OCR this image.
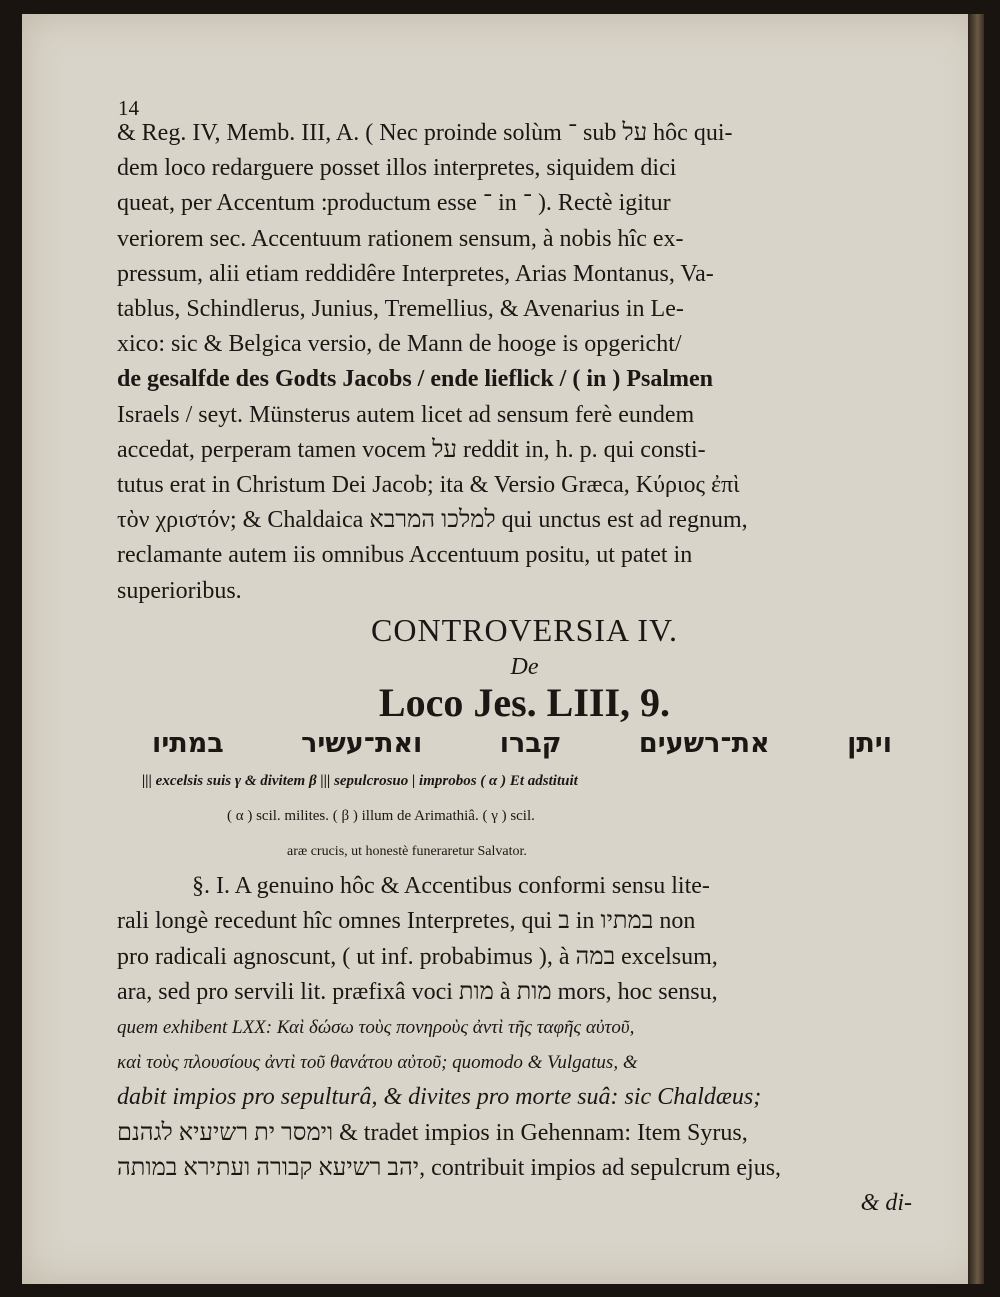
14
& Reg. IV, Memb. III, A. ( Nec proinde solùm ־ sub על hôc qui-
dem loco redarguere posset illos interpretes, siquidem dici
queat, per Accentum productum esse ־ in ־ ). Rectè igitur
veriorem sec. Accentuum rationem sensum, à nobis hîc ex-
pressum, alii etiam reddidêre Interpretes, Arias Montanus, Va-
tablus, Schindlerus, Junius, Tremellius, & Avenarius in Le-
xico: sic & Belgica versio, de Mann de hooge is opgericht/
de gesalfde des Godts Jacobs / ende lieflick / ( in ) Psalmen
Israels / seyt. Münsterus autem licet ad sensum ferè eundem
accedat, perperam tamen vocem על reddit in, h. p. qui consti-
tutus erat in Christum Dei Jacob; ita & Versio Græca, Κύριος ἐπὶ
τὸν χριστόν; & Chaldaica למלכו המרבא qui unctus est ad regnum,
reclamante autem iis omnibus Accentuum positu, ut patet in
superioribus.
CONTROVERSIA IV.
De
Loco Jes. LIII, 9.
ויתן
את־רשעים
קברו
ואת־עשיר
במתיו
||| excelsis suis γ & divitem β ||| sepulcrosuo | improbos ( α ) Et adstituit
( α ) scil. milites. ( β ) illum de Arimathiâ. ( γ ) scil.
aræ crucis, ut honestè funeraretur Salvator.
§. I. A genuino hôc & Accentibus conformi sensu lite-
rali longè recedunt hîc omnes Interpretes, qui ב in במתיו non
pro radicali agnoscunt, ( ut inf. probabimus ), à במה excelsum,
ara, sed pro servili lit. præfixâ voci מות à מות mors, hoc sensu,
quem exhibent LXX: Καὶ δώσω τοὺς πονηροὺς ἀντὶ τῆς ταφῆς αὐτοῦ,
καὶ τοὺς πλουσίους ἀντὶ τοῦ θανάτου αὐτοῦ; quomodo & Vulgatus, &
dabit impios pro sepulturâ, & divites pro morte suâ: sic Chaldæus;
וימסר ית רשיעיא לגהנם & tradet impios in Gehennam: Item Syrus,
יהב רשיעא קבורה ועתירא במותה, contribuit impios ad sepulcrum ejus,
& di-
